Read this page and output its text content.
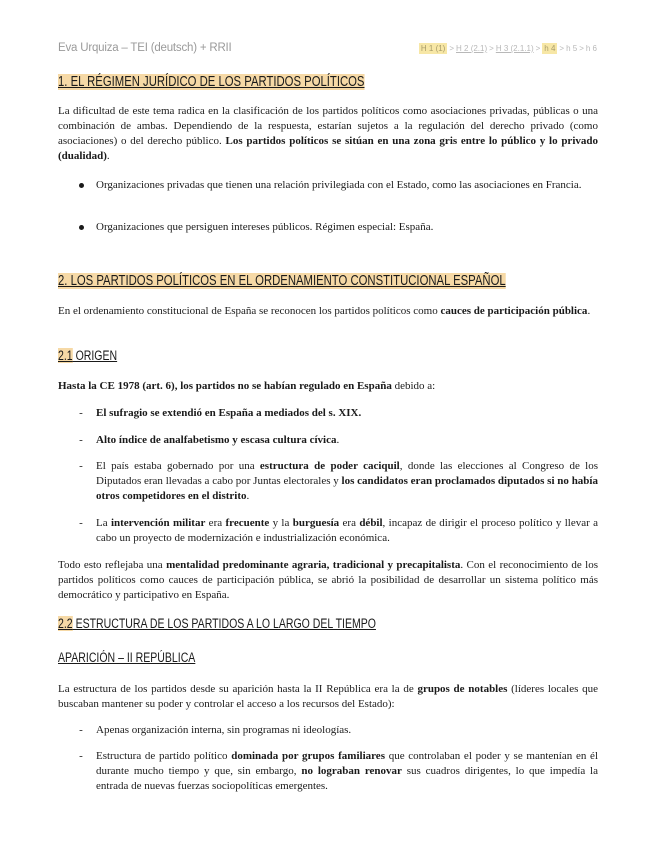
Eva Urquiza – TEI (deutsch) + RRII	H 1 (1) > H 2 (2.1) > H 3 (2.1.1) > h 4 > h 5 > h 6
1. EL RÉGIMEN JURÍDICO DE LOS PARTIDOS POLÍTICOS
La dificultad de este tema radica en la clasificación de los partidos políticos como asociaciones privadas, públicas o una combinación de ambas. Dependiendo de la respuesta, estarían sujetos a la regulación del derecho privado (como asociaciones) o del derecho público. Los partidos políticos se sitúan en una zona gris entre lo público y lo privado (dualidad).
Organizaciones privadas que tienen una relación privilegiada con el Estado, como las asociaciones en Francia.
Organizaciones que persiguen intereses públicos. Régimen especial: España.
2. LOS PARTIDOS POLÍTICOS EN EL ORDENAMIENTO CONSTITUCIONAL ESPAÑOL
En el ordenamiento constitucional de España se reconocen los partidos políticos como cauces de participación pública.
2.1 ORIGEN
Hasta la CE 1978 (art. 6), los partidos no se habían regulado en España debido a:
-	El sufragio se extendió en España a mediados del s. XIX.
-	Alto índice de analfabetismo y escasa cultura cívica.
-	El país estaba gobernado por una estructura de poder caciquil, donde las elecciones al Congreso de los Diputados eran llevadas a cabo por Juntas electorales y los candidatos eran proclamados diputados si no había otros competidores en el distrito.
-	La intervención militar era frecuente y la burguesía era débil, incapaz de dirigir el proceso político y llevar a cabo un proyecto de modernización e industrialización económica.
Todo esto reflejaba una mentalidad predominante agraria, tradicional y precapitalista. Con el reconocimiento de los partidos políticos como cauces de participación pública, se abrió la posibilidad de desarrollar un sistema político más democrático y participativo en España.
2.2 ESTRUCTURA DE LOS PARTIDOS A LO LARGO DEL TIEMPO
APARICIÓN – II REPÚBLICA
La estructura de los partidos desde su aparición hasta la II República era la de grupos de notables (líderes locales que buscaban mantener su poder y controlar el acceso a los recursos del Estado):
-	Apenas organización interna, sin programas ni ideologías.
-	Estructura de partido político dominada por grupos familiares que controlaban el poder y se mantenían en él durante mucho tiempo y que, sin embargo, no lograban renovar sus cuadros dirigentes, lo que impedía la entrada de nuevas fuerzas sociopolíticas emergentes.
